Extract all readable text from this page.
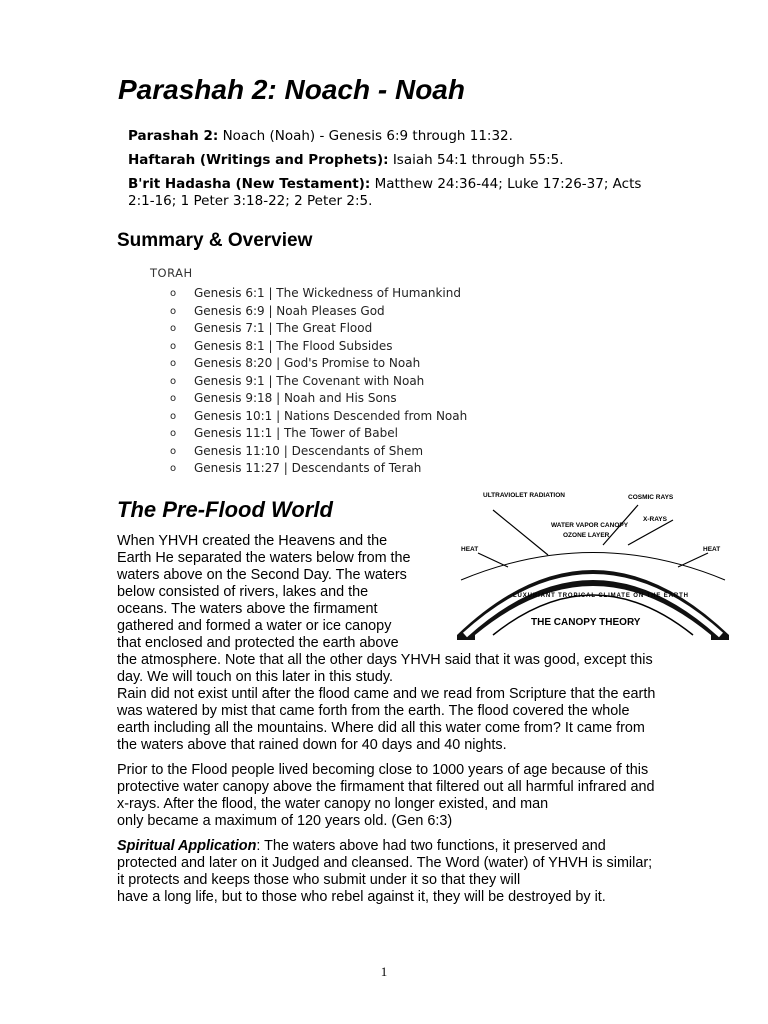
Parashah 2: Noach - Noah

Parashah 2: Noach (Noah) - Genesis 6:9 through 11:32.

Haftarah (Writings and Prophets): Isaiah 54:1 through 55:5.

B'rit Hadasha (New Testament): Matthew 24:36-44; Luke 17:26-37; Acts 2:1-16; 1 Peter 3:18-22; 2 Peter 2:5.

Summary & Overview
TORAH
o	Genesis 6:1 | The Wickedness of Humankind
o	Genesis 6:9 | Noah Pleases God
o	Genesis 7:1 | The Great Flood
o	Genesis 8:1 | The Flood Subsides
o	Genesis 8:20 | God's Promise to Noah
o	Genesis 9:1 | The Covenant with Noah
o	Genesis 9:18 | Noah and His Sons
o	Genesis 10:1 | Nations Descended from Noah
o	Genesis 11:1 | The Tower of Babel
o	Genesis 11:10 | Descendants of Shem
o	Genesis 11:27 | Descendants of Terah
The Pre-Flood World
ULTRAVIOLET RADIATION	COSMIC RAYS
X-RAYS
WATER VAPOR CANOPY
OZONE LAYER
HEAT	HEAT
LUXURIANT TROPICAL CLIMATE ON THE EARTH
THE CANOPY THEORY
When YHVH created the Heavens and the
Earth He separated the waters below from the
waters above on the Second Day. The waters
below consisted of rivers, lakes and the
oceans. The waters above the firmament
gathered and formed a water or ice canopy
that enclosed and protected the earth above

the atmosphere. Note that all the other days YHVH said that it was good, except this day. We will touch on this later in this study.

Rain did not exist until after the flood came and we read from Scripture that the earth was watered by mist that came forth from the earth. The flood covered the whole earth including all the mountains. Where did all this water come from? It came from the waters above that rained down for 40 days and 40 nights.

Prior to the Flood people lived becoming close to 1000 years of age because of this protective water canopy above the firmament that filtered out all harmful infrared and x-rays. After the flood, the water canopy no longer existed, and man

only became a maximum of 120 years old. (Gen 6:3)

Spiritual Application: The waters above had two functions, it preserved and protected and later on it Judged and cleansed. The Word (water) of YHVH is similar; it protects and keeps those who submit under it so that they will

have a long life, but to those who rebel against it, they will be destroyed by it.

1
